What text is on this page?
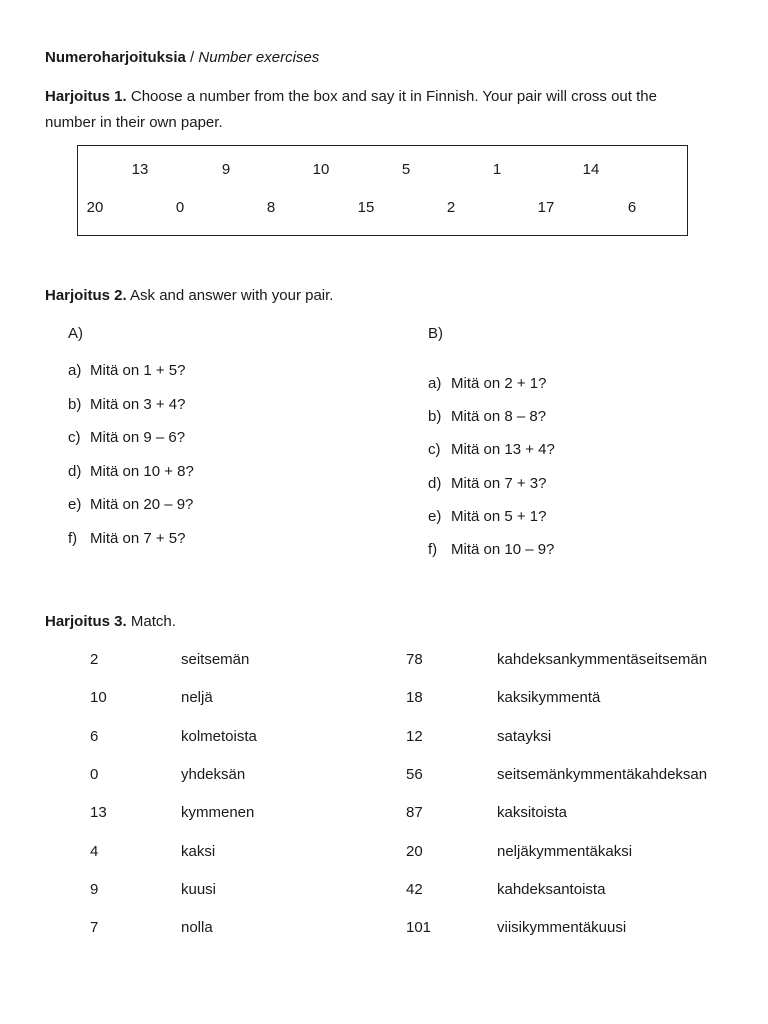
Numeroharjoituksia / Number exercises
Harjoitus 1. Choose a number from the box and say it in Finnish. Your pair will cross out the
number in their own paper.
13	9	10	5	1	14
20	0	8	15	2	17	6
Harjoitus 2. Ask and answer with your pair.
A)	B)
a) Mitä on 1 + 5?
b) Mitä on 3 + 4?
c) Mitä on 9 – 6?
d) Mitä on 10 + 8?
e) Mitä on 20 – 9?
f) Mitä on 7 + 5?
a) Mitä on 2 + 1?
b) Mitä on 8 – 8?
c) Mitä on 13 + 4?
d) Mitä on 7 + 3?
e) Mitä on 5 + 1?
f) Mitä on 10 – 9?
Harjoitus 3. Match.
2	seitsemän
10	neljä
6	kolmetoista
0	yhdeksän
13	kymmenen
4	kaksi
9	kuusi
7	nolla
78	kahdeksankymmentäseitsemän
18	kaksikymmentä
12	satayksi
56	seitsemänkymmentäkahdeksan
87	kaksitoista
20	neljäkymmentäkaksi
42	kahdeksantoista
101	viisikymmentäkuusi
